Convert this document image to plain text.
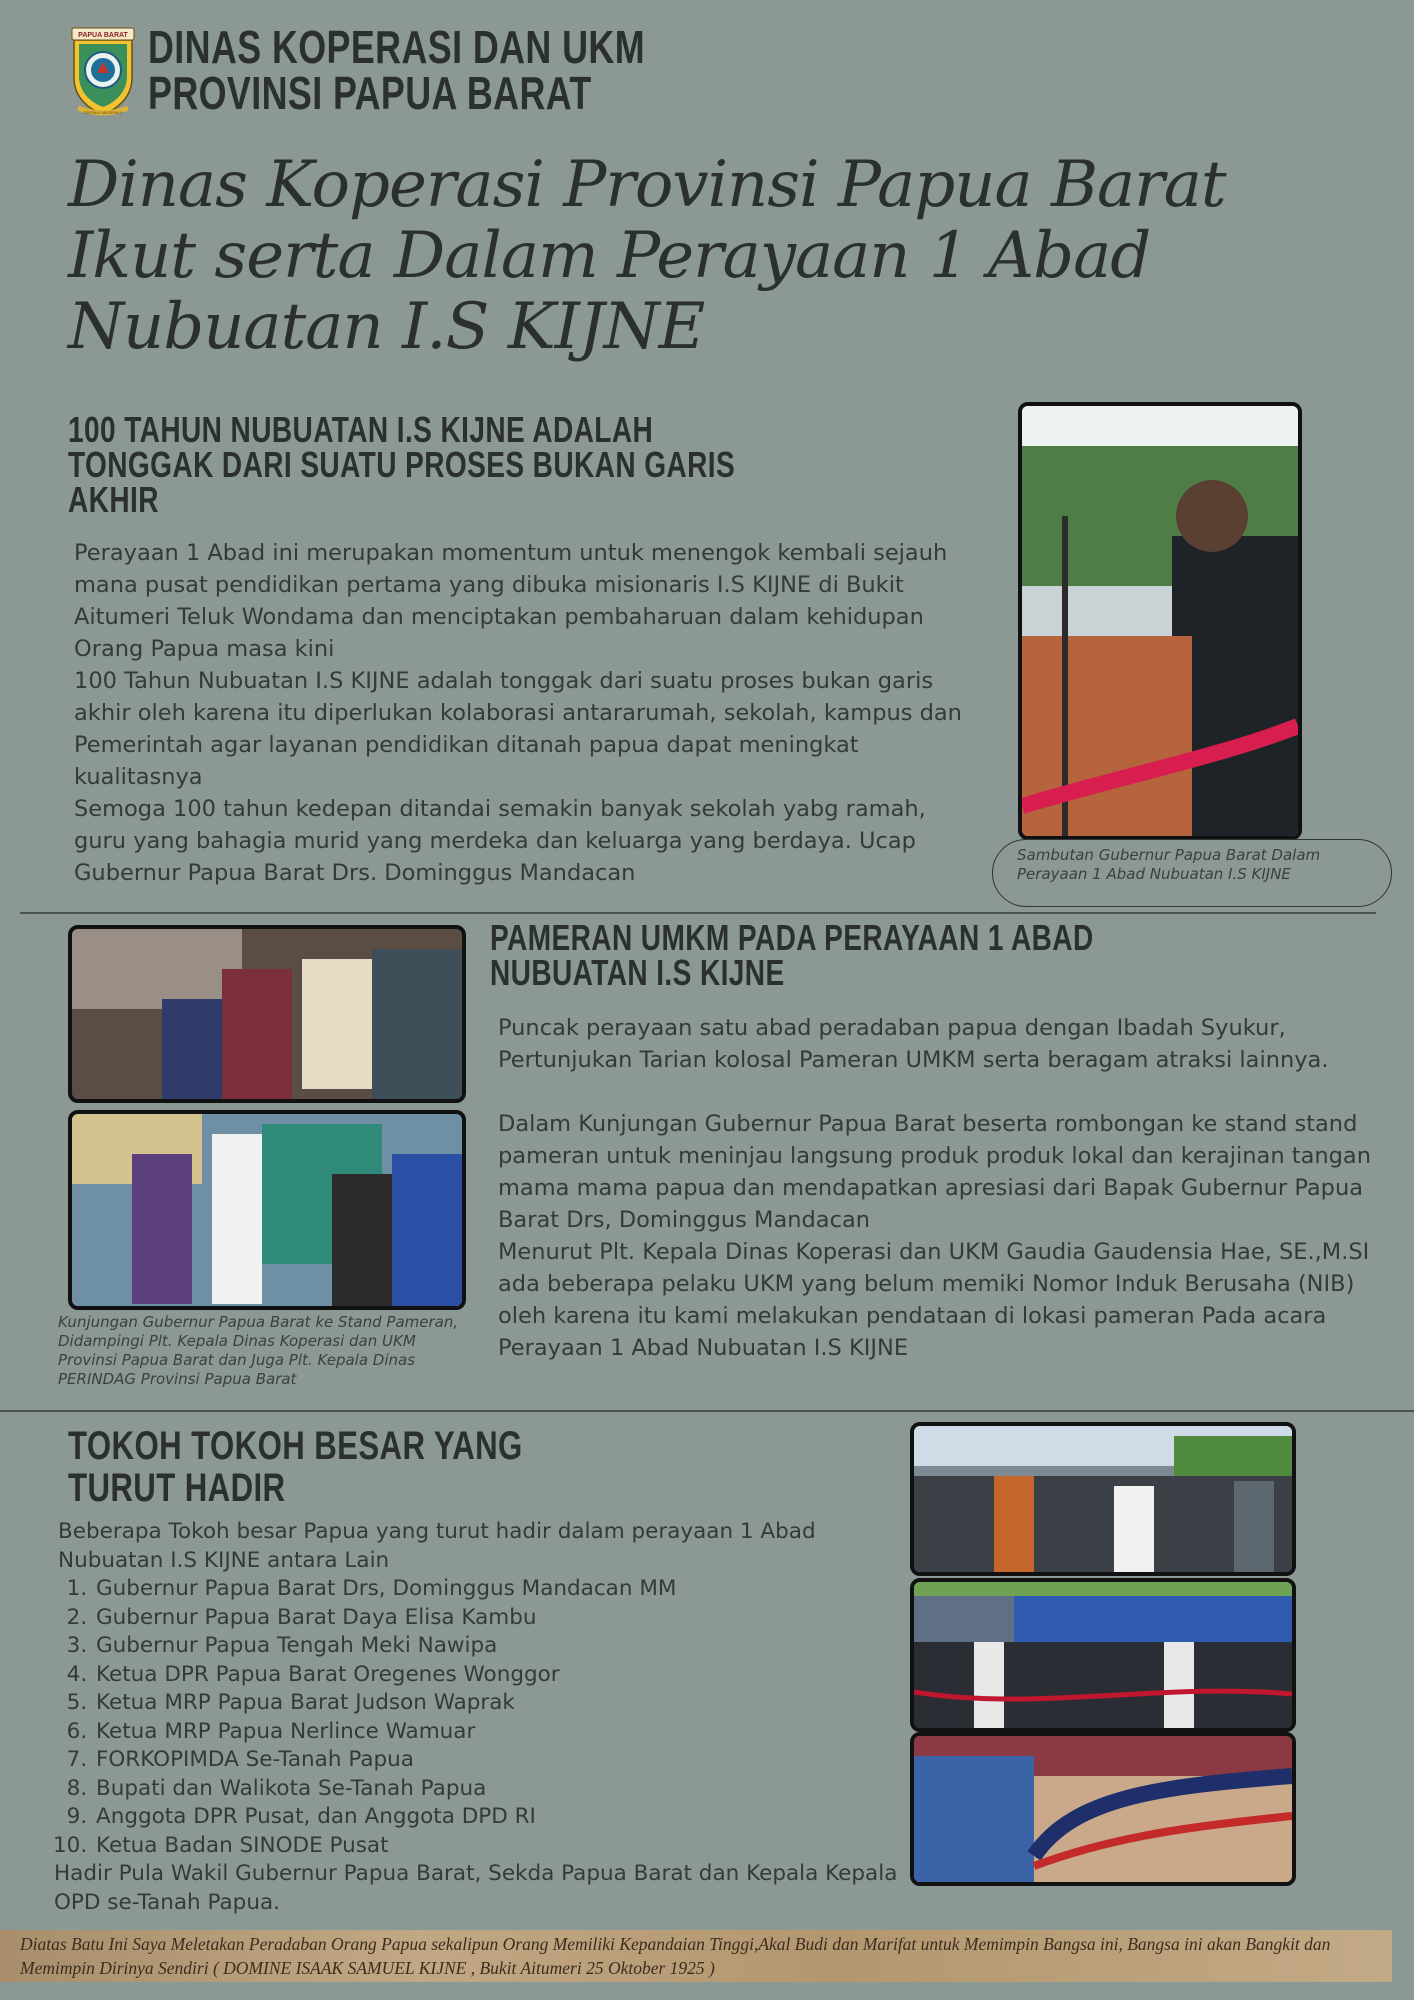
PAPUA BARAT
CINTAKU NEGERIKU
DINAS KOPERASI DAN UKM
PROVINSI PAPUA BARAT
Dinas Koperasi Provinsi Papua Barat
Ikut serta Dalam Perayaan 1 Abad
Nubuatan I.S KIJNE
100 TAHUN NUBUATAN I.S KIJNE ADALAH
TONGGAK DARI SUATU PROSES BUKAN GARIS
AKHIR

Perayaan 1 Abad ini merupakan momentum untuk menengok kembali sejauh mana pusat pendidikan pertama yang dibuka misionaris I.S KIJNE di Bukit Aitumeri Teluk Wondama dan menciptakan pembaharuan dalam kehidupan Orang Papua masa kini

100 Tahun Nubuatan I.S KIJNE adalah tonggak dari suatu proses bukan garis akhir oleh karena itu diperlukan kolaborasi antararumah, sekolah, kampus dan Pemerintah agar layanan pendidikan ditanah papua dapat meningkat kualitasnya

Semoga 100 tahun kedepan ditandai semakin banyak sekolah yabg ramah, guru yang bahagia murid yang merdeka dan keluarga yang berdaya. Ucap Gubernur Papua Barat Drs. Dominggus Mandacan

Sambutan Gubernur Papua Barat Dalam Perayaan 1 Abad Nubuatan I.S KIJNE
Kunjungan Gubernur Papua Barat ke Stand Pameran, Didampingi Plt. Kepala Dinas Koperasi dan UKM Provinsi Papua Barat dan Juga Plt. Kepala Dinas PERINDAG Provinsi Papua Barat
PAMERAN UMKM PADA PERAYAAN 1 ABAD
NUBUATAN I.S KIJNE

Puncak perayaan satu abad peradaban papua dengan Ibadah Syukur, Pertunjukan Tarian kolosal Pameran UMKM serta beragam atraksi lainnya.

Dalam Kunjungan Gubernur Papua Barat beserta rombongan ke stand stand pameran untuk meninjau langsung produk produk lokal dan kerajinan tangan mama mama papua dan mendapatkan apresiasi dari Bapak Gubernur Papua Barat Drs, Dominggus Mandacan

Menurut Plt. Kepala Dinas Koperasi dan UKM Gaudia Gaudensia Hae, SE.,M.SI ada beberapa pelaku UKM yang belum memiki Nomor Induk Berusaha (NIB) oleh karena itu kami melakukan pendataan di lokasi pameran Pada acara Perayaan 1 Abad Nubuatan I.S KIJNE

TOKOH TOKOH BESAR YANG
TURUT HADIR

Beberapa Tokoh besar Papua yang turut hadir dalam perayaan 1 Abad Nubuatan I.S KIJNE antara Lain

1. Gubernur Papua Barat Drs, Dominggus Mandacan MM
2. Gubernur Papua Barat Daya Elisa Kambu
3. Gubernur Papua Tengah Meki Nawipa
4. Ketua DPR Papua Barat Oregenes Wonggor
5. Ketua MRP Papua Barat Judson Waprak
6. Ketua MRP Papua Nerlince Wamuar
7. FORKOPIMDA Se-Tanah Papua
8. Bupati dan Walikota Se-Tanah Papua
9. Anggota DPR Pusat, dan Anggota DPD RI
10. Ketua Badan SINODE Pusat

Hadir Pula Wakil Gubernur Papua Barat, Sekda Papua Barat dan Kepala Kepala OPD se-Tanah Papua.

Diatas Batu Ini Saya Meletakan Peradaban Orang Papua sekalipun Orang Memiliki Kepandaian Tinggi,Akal Budi dan Marifat untuk Memimpin Bangsa ini, Bangsa ini akan Bangkit dan Memimpin Dirinya Sendiri ( DOMINE ISAAK SAMUEL KIJNE , Bukit Aitumeri 25 Oktober 1925 )
